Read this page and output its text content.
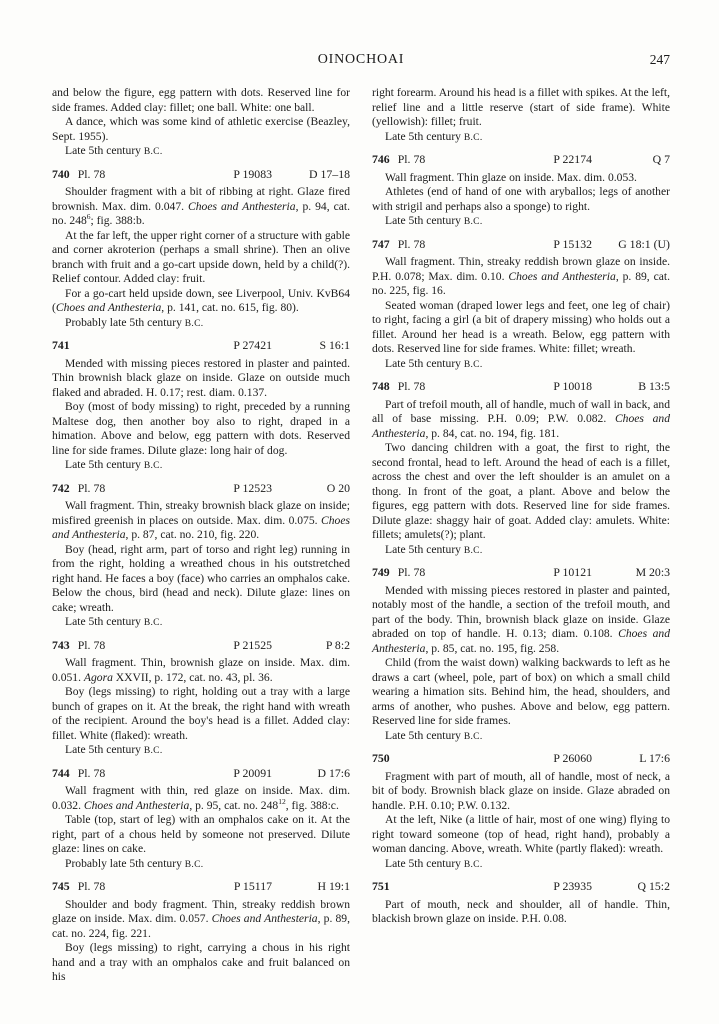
OINOCHOAI	247

and below the figure, egg pattern with dots. Reserved line for side frames. Added clay: fillet; one ball. White: one ball.

A dance, which was some kind of athletic exercise (Beazley, Sept. 1955).

Late 5th century B.C.

740 Pl. 78	P 19083	D 17–18

Shoulder fragment with a bit of ribbing at right. Glaze fired brownish. Max. dim. 0.047. Choes and Anthesteria, p. 94, cat. no. $248^6$; fig. 388:b.

At the far left, the upper right corner of a structure with gable and corner akroterion (perhaps a small shrine). Then an olive branch with fruit and a go-cart upside down, held by a child(?). Relief contour. Added clay: fruit.

For a go-cart held upside down, see Liverpool, Univ. KvB64 (Choes and Anthesteria, p. 141, cat. no. 615, fig. 80).

Probably late 5th century B.C.

741	P 27421	S 16:1

Mended with missing pieces restored in plaster and painted. Thin brownish black glaze on inside. Glaze on outside much flaked and abraded. H. 0.17; rest. diam. 0.137.

Boy (most of body missing) to right, preceded by a running Maltese dog, then another boy also to right, draped in a himation. Above and below, egg pattern with dots. Reserved line for side frames. Dilute glaze: long hair of dog.

Late 5th century B.C.

742 Pl. 78	P 12523	O 20

Wall fragment. Thin, streaky brownish black glaze on inside; misfired greenish in places on outside. Max. dim. 0.075. Choes and Anthesteria, p. 87, cat. no. 210, fig. 220.

Boy (head, right arm, part of torso and right leg) running in from the right, holding a wreathed chous in his outstretched right hand. He faces a boy (face) who carries an omphalos cake. Below the chous, bird (head and neck). Dilute glaze: lines on cake; wreath.

Late 5th century B.C.

743 Pl. 78	P 21525	P 8:2

Wall fragment. Thin, brownish glaze on inside. Max. dim. 0.051. Agora XXVII, p. 172, cat. no. 43, pl. 36.

Boy (legs missing) to right, holding out a tray with a large bunch of grapes on it. At the break, the right hand with wreath of the recipient. Around the boy's head is a fillet. Added clay: fillet. White (flaked): wreath.

Late 5th century B.C.

744 Pl. 78	P 20091	D 17:6

Wall fragment with thin, red glaze on inside. Max. dim. 0.032. Choes and Anthesteria, p. 95, cat. no. $248^{12}$, fig. 388:c.

Table (top, start of leg) with an omphalos cake on it. At the right, part of a chous held by someone not preserved. Dilute glaze: lines on cake.

Probably late 5th century B.C.

745 Pl. 78	P 15117	H 19:1

Shoulder and body fragment. Thin, streaky reddish brown glaze on inside. Max. dim. 0.057. Choes and Anthesteria, p. 89, cat. no. 224, fig. 221.

Boy (legs missing) to right, carrying a chous in his right hand and a tray with an omphalos cake and fruit balanced on his

right forearm. Around his head is a fillet with spikes. At the left, relief line and a little reserve (start of side frame). White (yellowish): fillet; fruit.

Late 5th century B.C.

746 Pl. 78	P 22174	Q 7

Wall fragment. Thin glaze on inside. Max. dim. 0.053.

Athletes (end of hand of one with aryballos; legs of another with strigil and perhaps also a sponge) to right.

Late 5th century B.C.

747 Pl. 78	P 15132	G 18:1 (U)

Wall fragment. Thin, streaky reddish brown glaze on inside. P.H. 0.078; Max. dim. 0.10. Choes and Anthesteria, p. 89, cat. no. 225, fig. 16.

Seated woman (draped lower legs and feet, one leg of chair) to right, facing a girl (a bit of drapery missing) who holds out a fillet. Around her head is a wreath. Below, egg pattern with dots. Reserved line for side frames. White: fillet; wreath.

Late 5th century B.C.

748 Pl. 78	P 10018	B 13:5

Part of trefoil mouth, all of handle, much of wall in back, and all of base missing. P.H. 0.09; P.W. 0.082. Choes and Anthesteria, p. 84, cat. no. 194, fig. 181.

Two dancing children with a goat, the first to right, the second frontal, head to left. Around the head of each is a fillet, across the chest and over the left shoulder is an amulet on a thong. In front of the goat, a plant. Above and below the figures, egg pattern with dots. Reserved line for side frames. Dilute glaze: shaggy hair of goat. Added clay: amulets. White: fillets; amulets(?); plant.

Late 5th century B.C.

749 Pl. 78	P 10121	M 20:3

Mended with missing pieces restored in plaster and painted, notably most of the handle, a section of the trefoil mouth, and part of the body. Thin, brownish black glaze on inside. Glaze abraded on top of handle. H. 0.13; diam. 0.108. Choes and Anthesteria, p. 85, cat. no. 195, fig. 258.

Child (from the waist down) walking backwards to left as he draws a cart (wheel, pole, part of box) on which a small child wearing a himation sits. Behind him, the head, shoulders, and arms of another, who pushes. Above and below, egg pattern. Reserved line for side frames.

Late 5th century B.C.

750	P 26060	L 17:6

Fragment with part of mouth, all of handle, most of neck, a bit of body. Brownish black glaze on inside. Glaze abraded on handle. P.H. 0.10; P.W. 0.132.

At the left, Nike (a little of hair, most of one wing) flying to right toward someone (top of head, right hand), probably a woman dancing. Above, wreath. White (partly flaked): wreath.

Late 5th century B.C.

751	P 23935	Q 15:2

Part of mouth, neck and shoulder, all of handle. Thin, blackish brown glaze on inside. P.H. 0.08.
